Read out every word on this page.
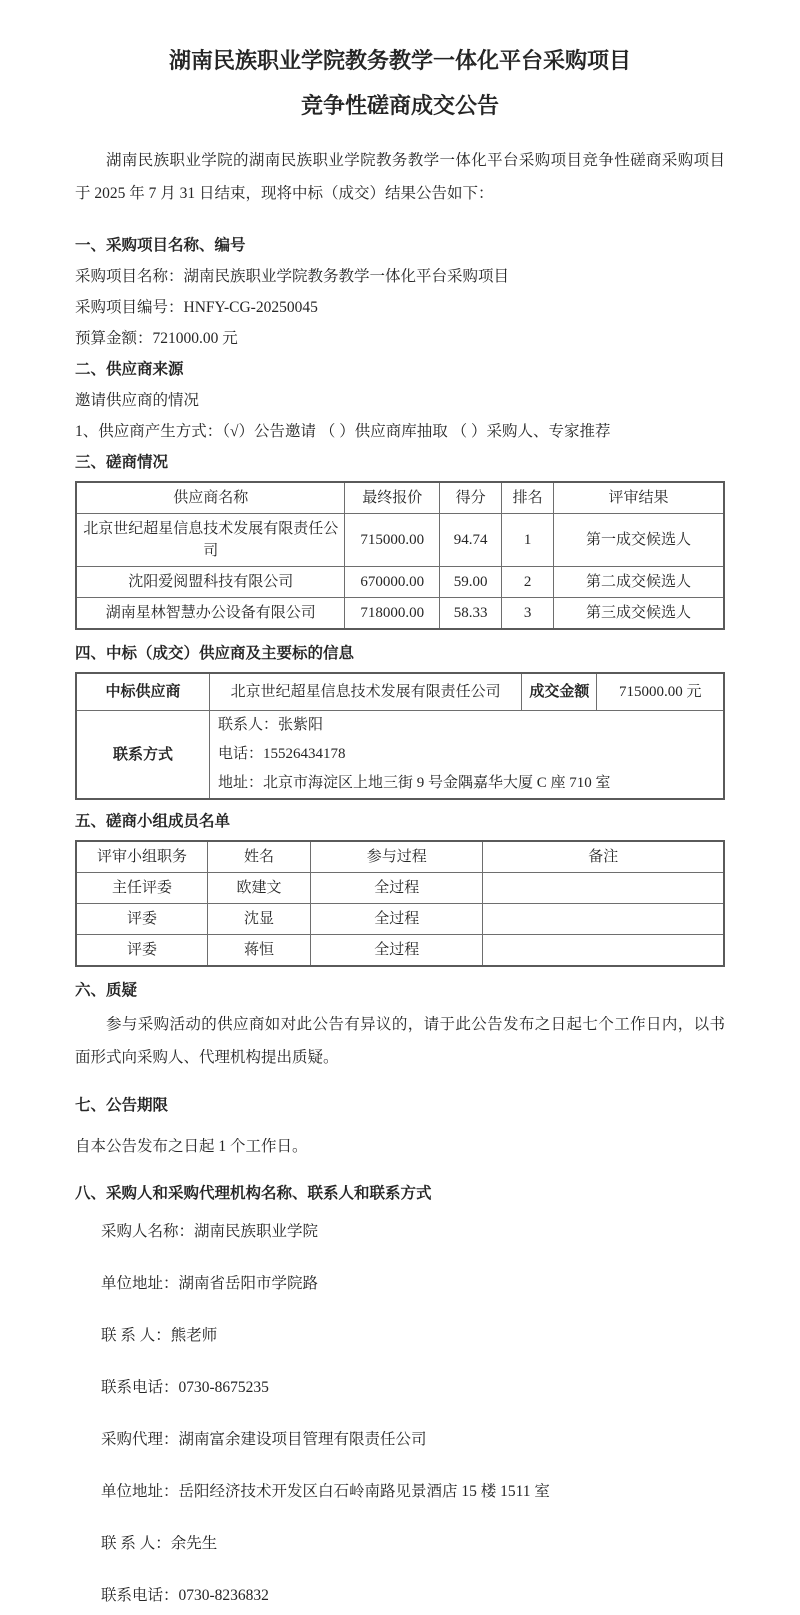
湖南民族职业学院教务教学一体化平台采购项目

竞争性磋商成交公告

湖南民族职业学院的湖南民族职业学院教务教学一体化平台采购项目竞争性磋商采购项目于 2025 年 7 月 31 日结束，现将中标（成交）结果公告如下：

一、采购项目名称、编号

采购项目名称：湖南民族职业学院教务教学一体化平台采购项目

采购项目编号：HNFY-CG-20250045

预算金额：721000.00 元

二、供应商来源

邀请供应商的情况

1、供应商产生方式：（√）公告邀请 （ ）供应商库抽取 （ ）采购人、专家推荐

三、磋商情况

供应商名称	最终报价	得分	排名	评审结果
北京世纪超星信息技术发展有限责任公司	715000.00	94.74	1	第一成交候选人
沈阳爱阅盟科技有限公司	670000.00	59.00	2	第二成交候选人
湖南星林智慧办公设备有限公司	718000.00	58.33	3	第三成交候选人

四、中标（成交）供应商及主要标的信息

中标供应商	北京世纪超星信息技术发展有限责任公司	成交金额	715000.00 元
联系方式	联系人：张紫阳

电话：15526434178

地址：北京市海淀区上地三街 9 号金隅嘉华大厦 C 座 710 室		

五、磋商小组成员名单

评审小组职务	姓名	参与过程	备注
主任评委	欧建文	全过程	
评委	沈显	全过程	
评委	蒋恒	全过程	

六、质疑

参与采购活动的供应商如对此公告有异议的，请于此公告发布之日起七个工作日内，以书面形式向采购人、代理机构提出质疑。

七、公告期限

自本公告发布之日起 1 个工作日。

八、采购人和采购代理机构名称、联系人和联系方式

采购人名称：湖南民族职业学院

单位地址：湖南省岳阳市学院路

联 系 人：熊老师

联系电话：0730-8675235

采购代理：湖南富余建设项目管理有限责任公司

单位地址：岳阳经济技术开发区白石岭南路见景酒店 15 楼 1511 室

联 系 人：余先生

联系电话：0730-8236832
